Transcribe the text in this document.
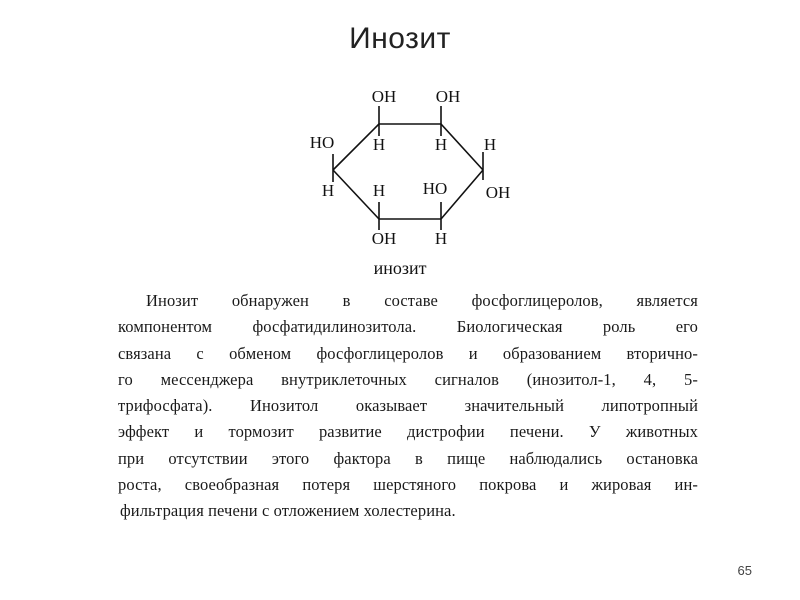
Инозит
OH OH
HO H	H H
H H HO OH
OH H
инозит
Инозит обнаружен в составе фосфоглицеролов, является
компонентом фосфатидилинозитола. Биологическая роль его
связана с обменом фосфоглицеролов и образованием вторично-
го мессенджера внутриклеточных сигналов (инозитол-1, 4, 5-
трифосфата). Инозитол оказывает значительный липотропный
эффект и тормозит развитие дистрофии печени. У животных
при отсутствии этого фактора в пище наблюдались остановка
роста, своеобразная потеря шерстяного покрова и жировая ин-
фильтрация печени с отложением холестерина.
65
